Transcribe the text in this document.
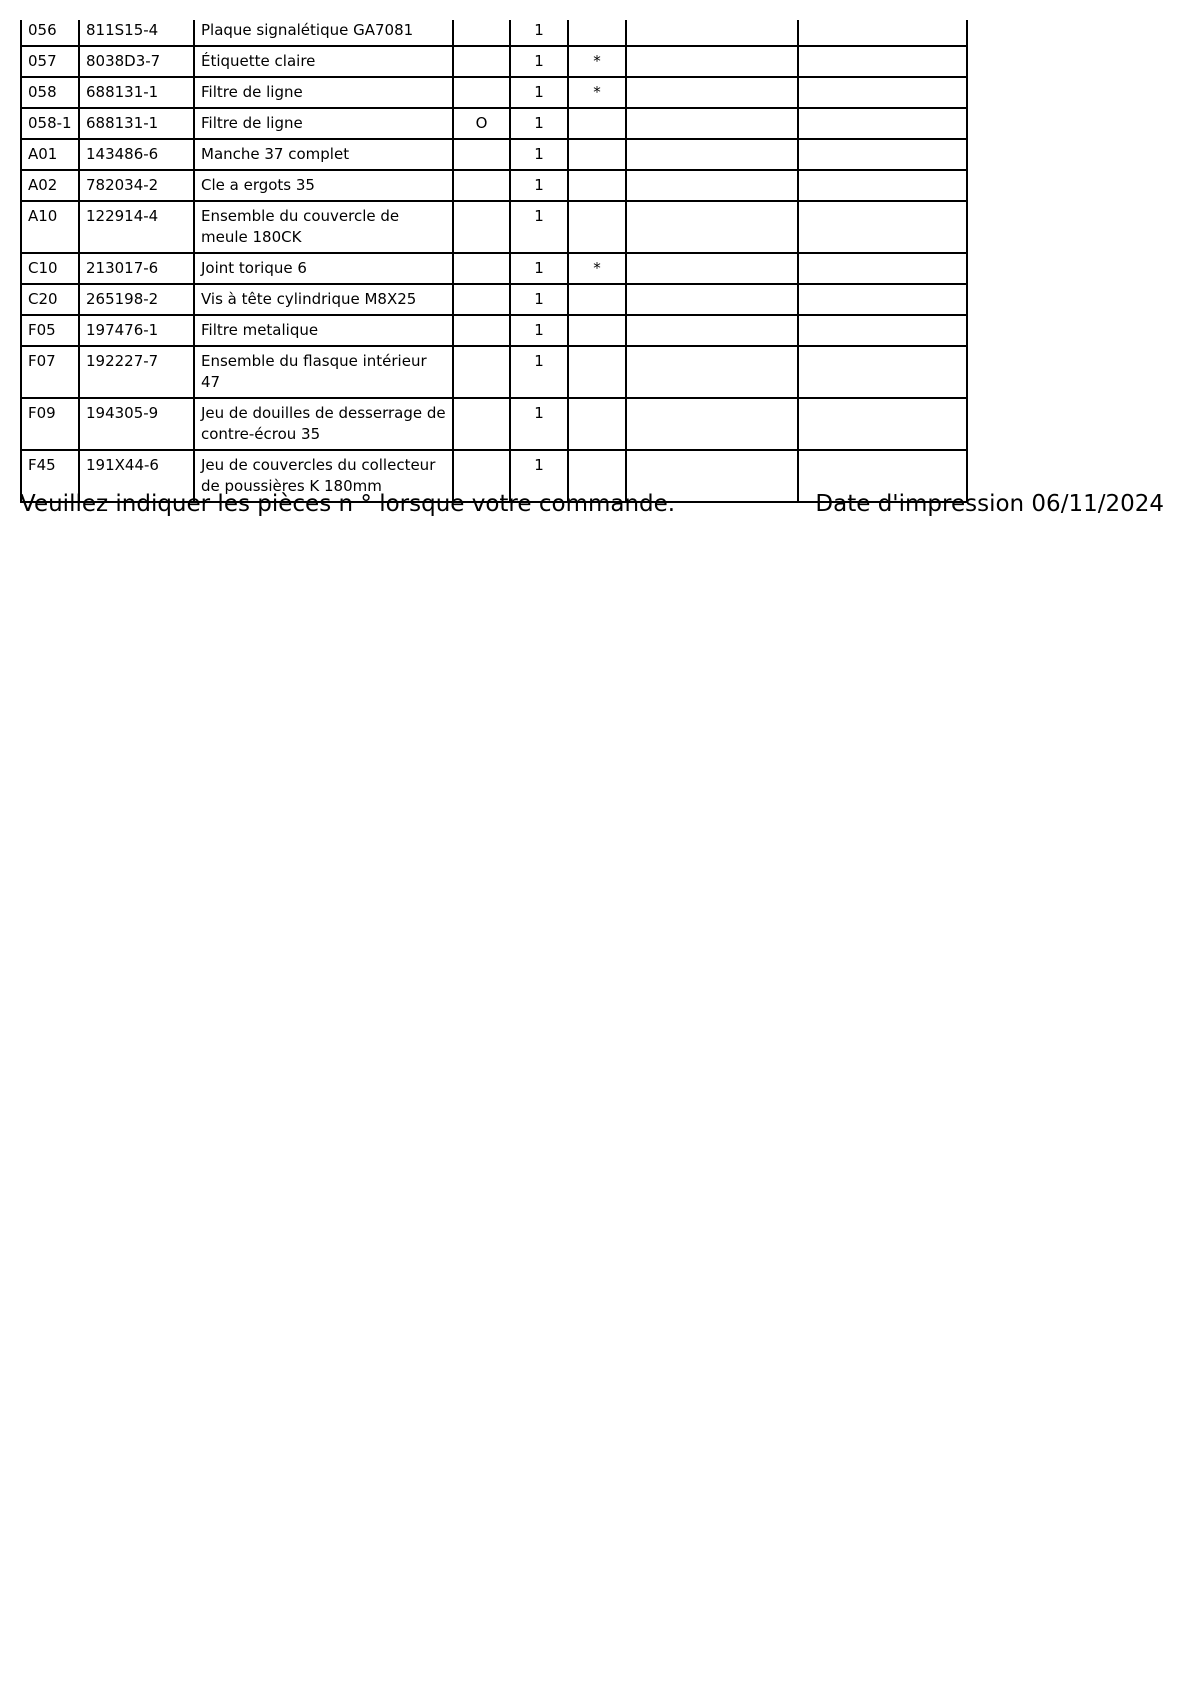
056	811S15-4	Plaque signalétique GA7081		1			
057	8038D3-7	Étiquette claire		1	*		
058	688131-1	Filtre de ligne		1	*		
058-1	688131-1	Filtre de ligne	O	1			
A01	143486-6	Manche 37 complet		1			
A02	782034-2	Cle a ergots 35		1			
A10	122914-4	Ensemble du couvercle de meule 180CK		1			
C10	213017-6	Joint torique 6		1	*		
C20	265198-2	Vis à tête cylindrique M8X25		1			
F05	197476-1	Filtre metalique		1			
F07	192227-7	Ensemble du flasque intérieur 47		1			
F09	194305-9	Jeu de douilles de desserrage de contre-écrou 35		1			
F45	191X44-6	Jeu de couvercles du collecteur de poussières K 180mm		1			
Veuillez indiquer les pièces n ° lorsque votre commande.	Date d'impression 06/11/2024
